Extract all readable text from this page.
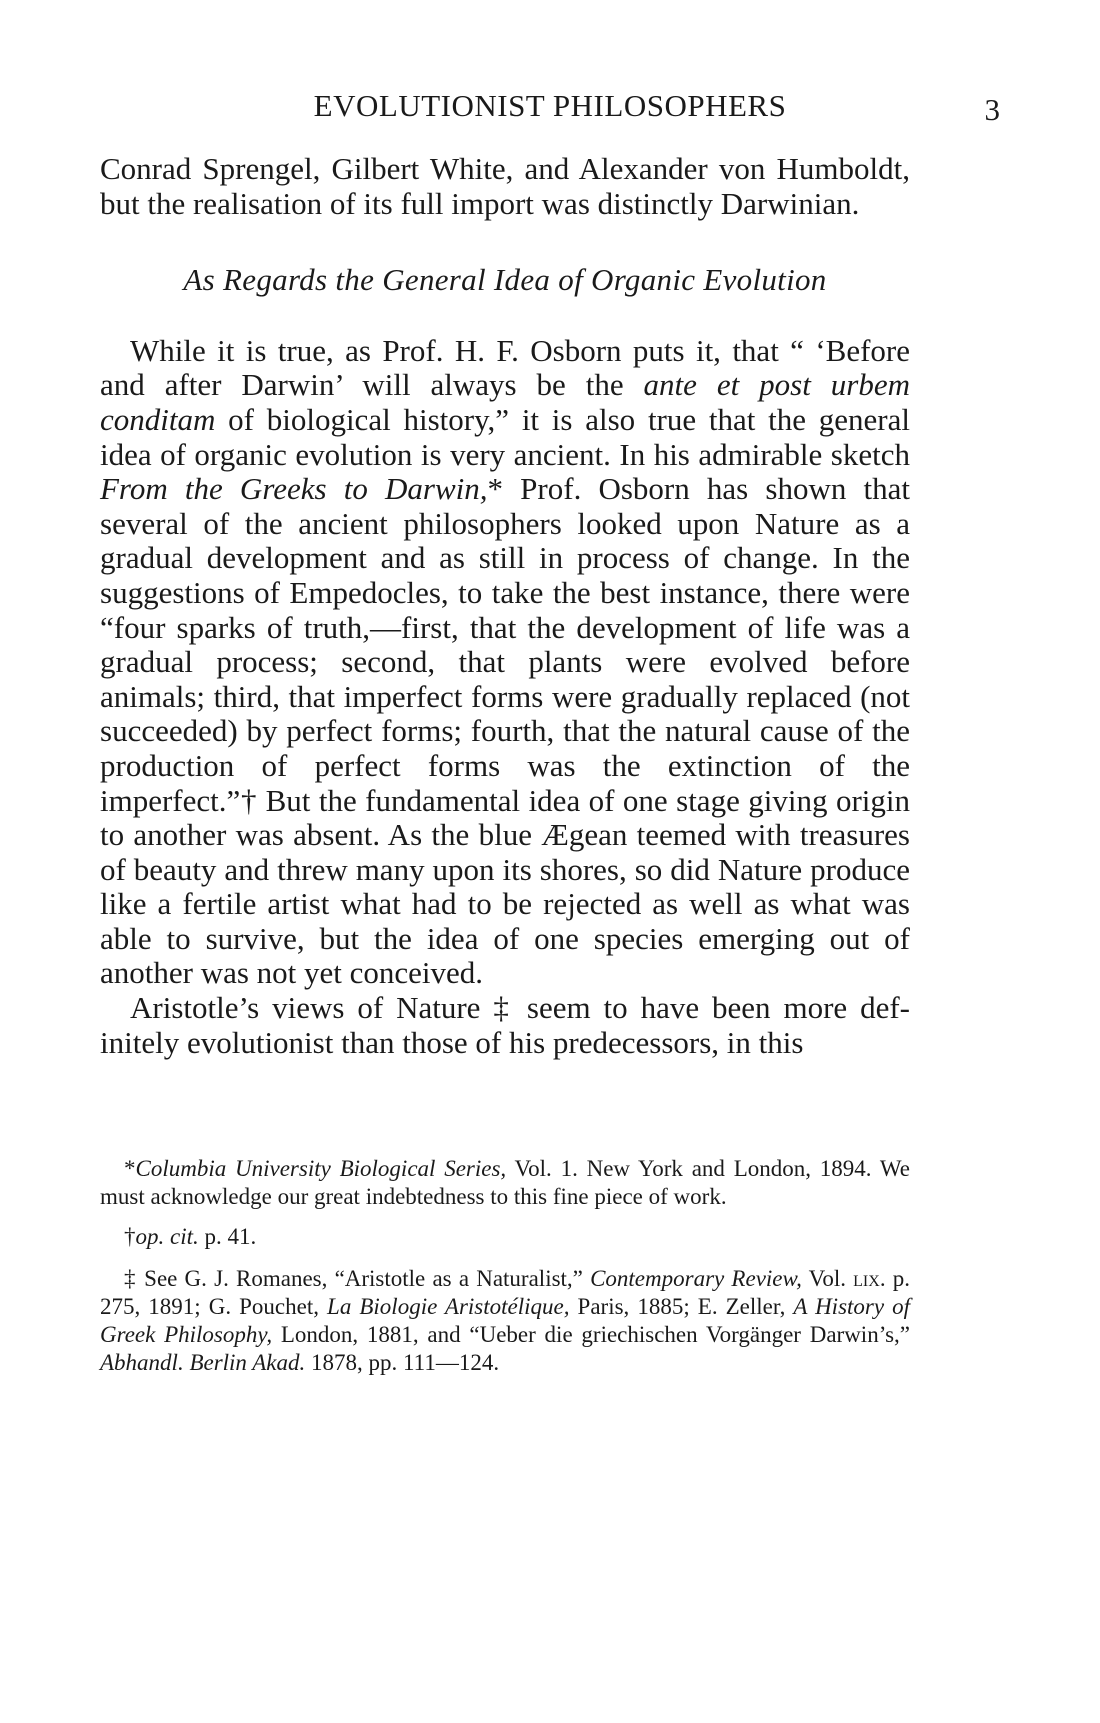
EVOLUTIONIST PHILOSOPHERS	3

Conrad Sprengel, Gilbert White, and Alexander von Humboldt, but the realisation of its full import was distinctly Darwinian.

As Regards the General Idea of Organic Evolution

While it is true, as Prof. H. F. Osborn puts it, that “ ‘Before and after Darwin’ will always be the ante et post urbem conditam of biological history,” it is also true that the general idea of organic evolution is very ancient. In his admirable sketch From the Greeks to Darwin,* Prof. Osborn has shown that several of the ancient philosophers looked upon Nature as a gradual development and as still in process of change. In the suggestions of Empedocles, to take the best instance, there were “four sparks of truth,—first, that the development of life was a gradual process; second, that plants were evolved before animals; third, that imperfect forms were gradually replaced (not succeeded) by perfect forms; fourth, that the natural cause of the production of perfect forms was the extinction of the imperfect.”† But the fundamental idea of one stage giving origin to another was absent. As the blue Ægean teemed with treasures of beauty and threw many upon its shores, so did Nature produce like a fertile artist what had to be rejected as well as what was able to survive, but the idea of one species emerging out of another was not yet conceived.

Aristotle’s views of Nature ‡ seem to have been more definitely evolutionist than those of his predecessors, in this

*Columbia University Biological Series, Vol. 1. New York and London, 1894. We must acknowledge our great indebtedness to this fine piece of work.

†op. cit. p. 41.

‡ See G. J. Romanes, “Aristotle as a Naturalist,” Contemporary Review, Vol. lix. p. 275, 1891; G. Pouchet, La Biologie Aristotélique, Paris, 1885; E. Zeller, A History of Greek Philosophy, London, 1881, and “Ueber die griechischen Vorgänger Darwin’s,” Abhandl. Berlin Akad. 1878, pp. 111—124.
